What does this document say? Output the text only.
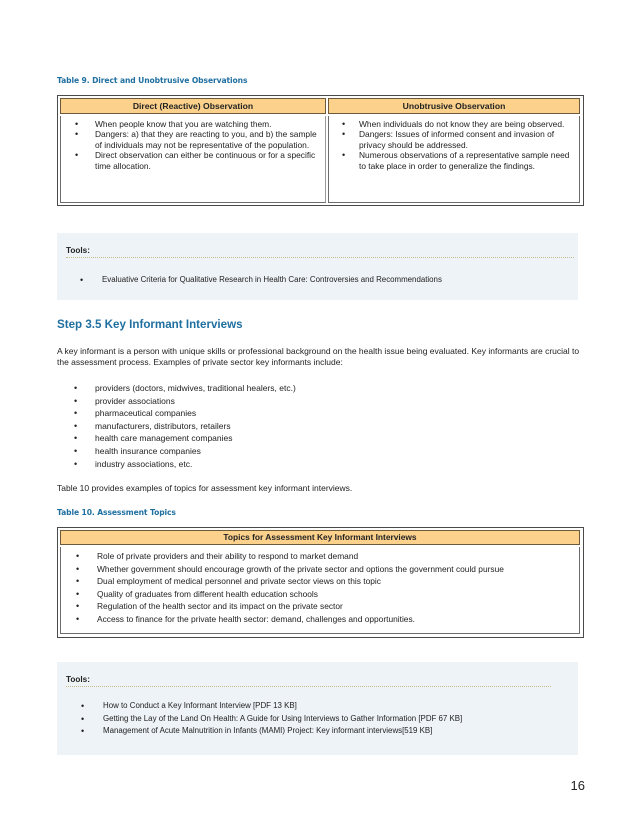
Table 9. Direct and Unobtrusive Observations
Direct (Reactive) Observation	Unobtrusive Observation
• When people know that you are watching them.
• Dangers: a) that they are reacting to you, and b) the sample of individuals may not be representative of the population.
• Direct observation can either be continuous or for a specific time allocation.
• When individuals do not know they are being observed.
• Dangers: Issues of informed consent and invasion of privacy should be addressed.
• Numerous observations of a representative sample need to take place in order to generalize the findings.
Tools:
• Evaluative Criteria for Qualitative Research in Health Care: Controversies and Recommendations
Step 3.5 Key Informant Interviews
A key informant is a person with unique skills or professional background on the health issue being evaluated. Key informants are crucial to the assessment process. Examples of private sector key informants include:
• providers (doctors, midwives, traditional healers, etc.)
• provider associations
• pharmaceutical companies
• manufacturers, distributors, retailers
• health care management companies
• health insurance companies
• industry associations, etc.
Table 10 provides examples of topics for assessment key informant interviews.
Table 10. Assessment Topics
Topics for Assessment Key Informant Interviews
• Role of private providers and their ability to respond to market demand
• Whether government should encourage growth of the private sector and options the government could pursue
• Dual employment of medical personnel and private sector views on this topic
• Quality of graduates from different health education schools
• Regulation of the health sector and its impact on the private sector
• Access to finance for the private health sector: demand, challenges and opportunities.
Tools:
• How to Conduct a Key Informant Interview [PDF 13 KB]
• Getting the Lay of the Land On Health: A Guide for Using Interviews to Gather Information [PDF 67 KB]
• Management of Acute Malnutrition in Infants (MAMI) Project: Key informant interviews[519 KB]
16
